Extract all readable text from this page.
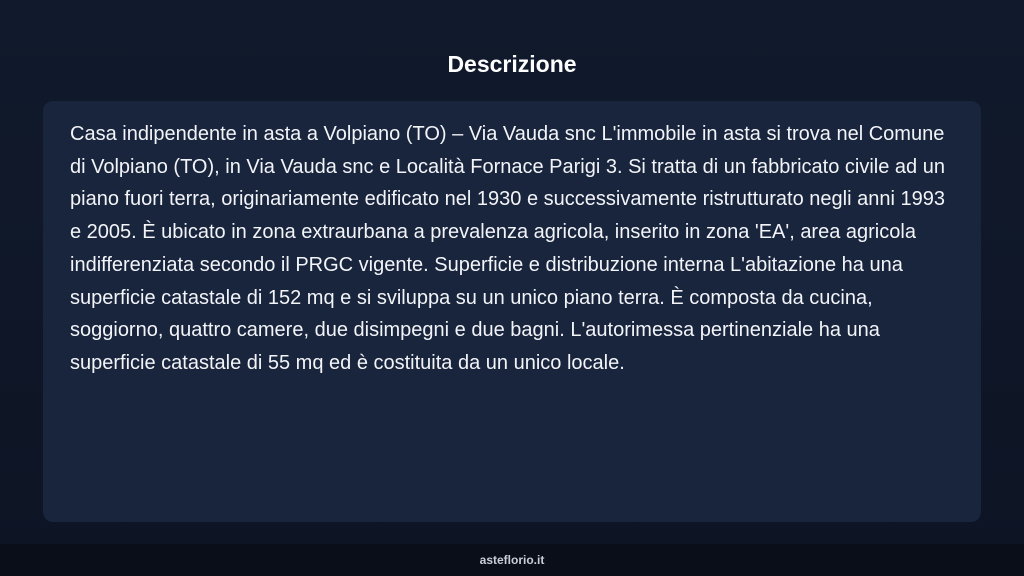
Descrizione

Casa indipendente in asta a Volpiano (TO) – Via Vauda snc L'immobile in asta si trova nel Comune di Volpiano (TO), in Via Vauda snc e Località Fornace Parigi 3. Si tratta di un fabbricato civile ad un piano fuori terra, originariamente edificato nel 1930 e successivamente ristrutturato negli anni 1993 e 2005. È ubicato in zona extraurbana a prevalenza agricola, inserito in zona 'EA', area agricola indifferenziata secondo il PRGC vigente. Superficie e distribuzione interna L'abitazione ha una superficie catastale di 152 mq e si sviluppa su un unico piano terra. È composta da cucina, soggiorno, quattro camere, due disimpegni e due bagni. L'autorimessa pertinenziale ha una superficie catastale di 55 mq ed è costituita da un unico locale.

asteflorio.it
